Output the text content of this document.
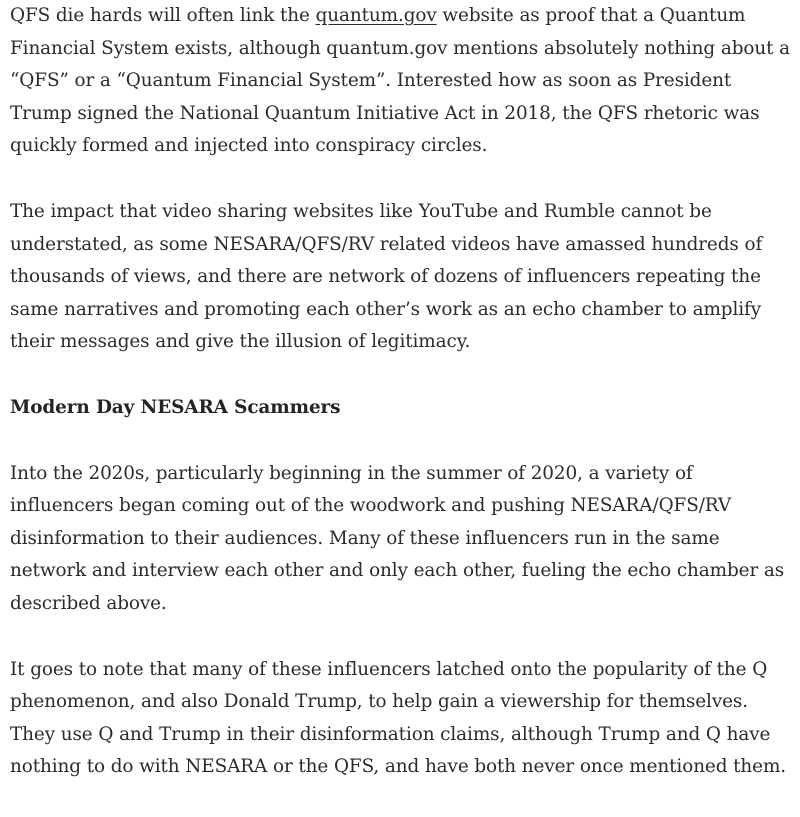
QFS die hards will often link the quantum.gov website as proof that a Quantum Financial System exists, although quantum.gov mentions absolutely nothing about a “QFS” or a “Quantum Financial System”. Interested how as soon as President Trump signed the National Quantum Initiative Act in 2018, the QFS rhetoric was quickly formed and injected into conspiracy circles.

The impact that video sharing websites like YouTube and Rumble cannot be understated, as some NESARA/QFS/RV related videos have amassed hundreds of thousands of views, and there are network of dozens of influencers repeating the same narratives and promoting each other’s work as an echo chamber to amplify their messages and give the illusion of legitimacy.

Modern Day NESARA Scammers

Into the 2020s, particularly beginning in the summer of 2020, a variety of influencers began coming out of the woodwork and pushing NESARA/QFS/RV disinformation to their audiences. Many of these influencers run in the same network and interview each other and only each other, fueling the echo chamber as described above.

It goes to note that many of these influencers latched onto the popularity of the Q phenomenon, and also Donald Trump, to help gain a viewership for themselves. They use Q and Trump in their disinformation claims, although Trump and Q have nothing to do with NESARA or the QFS, and have both never once mentioned them.
